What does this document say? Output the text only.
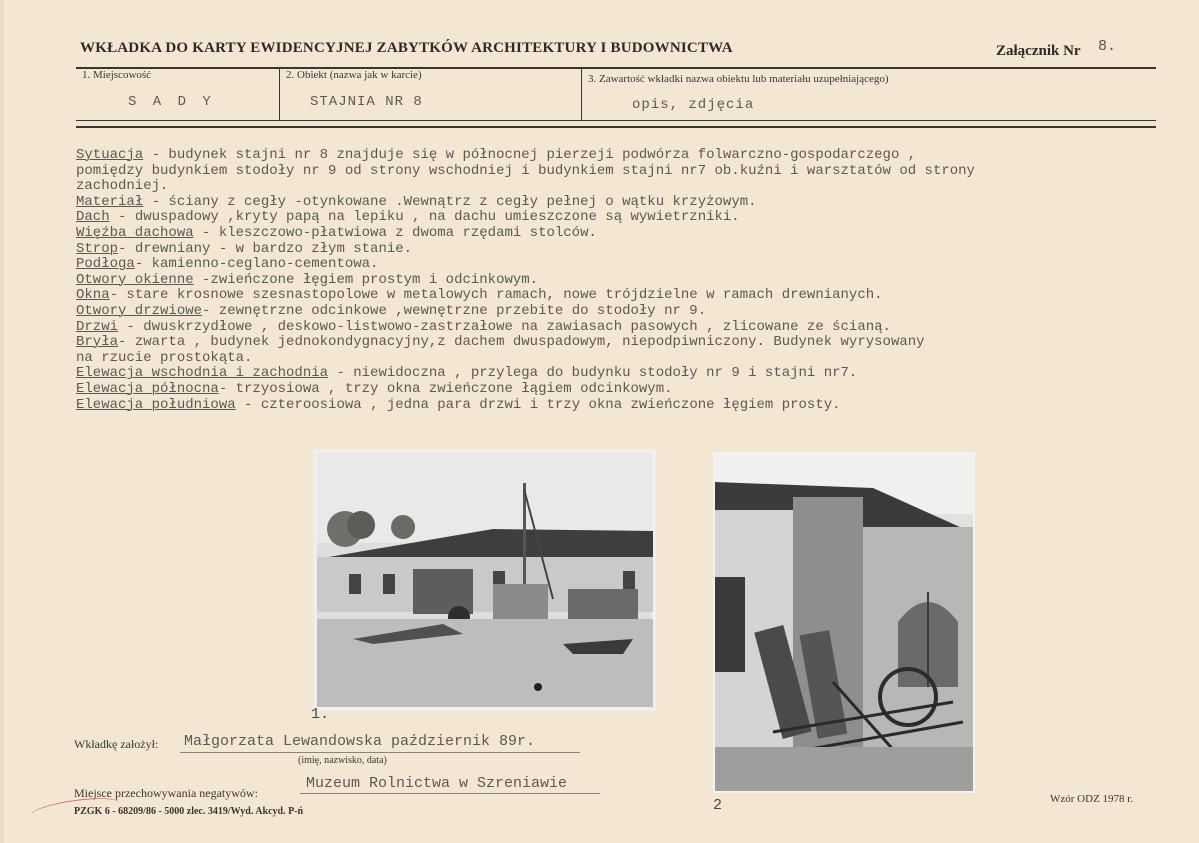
WKŁADKA DO KARTY EWIDENCYJNEJ ZABYTKÓW ARCHITEKTURY I BUDOWNICTWA	Załącznik Nr 8.
1. Miejscowość
S A D Y
2. Obiekt (nazwa jak w karcie)
STAJNIA NR 8
3. Zawartość wkładki nazwa obiektu lub materiału uzupełniającego)
opis, zdjęcia
Sytuacja - budynek stajni nr 8 znajduje się w północnej pierzeji podwórza folwarczno-gospodarczego ,
pomiędzy budynkiem stodoły nr 9 od strony wschodniej i budynkiem stajni nr7 ob.kuźni i warsztatów od strony
zachodniej.
Materiał - ściany z cegły -otynkowane .Wewnątrz z cegły pełnej o wątku krzyżowym.
Dach - dwuspadowy ,kryty papą na lepiku , na dachu umieszczone są wywietrzniki.
Więźba dachowa - kleszczowo-płatwiowa z dwoma rzędami stolców.
Strop- drewniany - w bardzo złym stanie.
Podłoga- kamienno-ceglano-cementowa.
Otwory okienne -zwieńczone łęgiem prostym i odcinkowym.
Okna- stare krosnowe szesnastopolowe w metalowych ramach, nowe trójdzielne w ramach drewnianych.
Otwory drzwiowe- zewnętrzne odcinkowe ,wewnętrzne przebite do stodoły nr 9.
Drzwi - dwuskrzydłowe , deskowo-listwowo-zastrzałowe na zawiasach pasowych , zlicowane ze ścianą.
Bryła- zwarta , budynek jednokondygnacyjny,z dachem dwuspadowym, niepodpiwniczony. Budynek wyrysowany
na rzucie prostokąta.
Elewacja wschodnia i zachodnia - niewidoczna , przylega do budynku stodoły nr 9 i stajni nr7.
Elewacja północna- trzyosiowa , trzy okna zwieńczone łągiem odcinkowym.
Elewacja południowa - czteroosiowa , jedna para drzwi i trzy okna zwieńczone łęgiem prosty.
1.
2
Wkładkę założył: Małgorzata Lewandowska październik 89r.
(imię, nazwisko, data)
Miejsce przechowywania negatywów:
Muzeum Rolnictwa w Szreniawie
PZGK 6 - 68209/86 - 5000 zlec. 3419/Wyd. Akcyd. P-ń
Wzór ODZ 1978 r.
